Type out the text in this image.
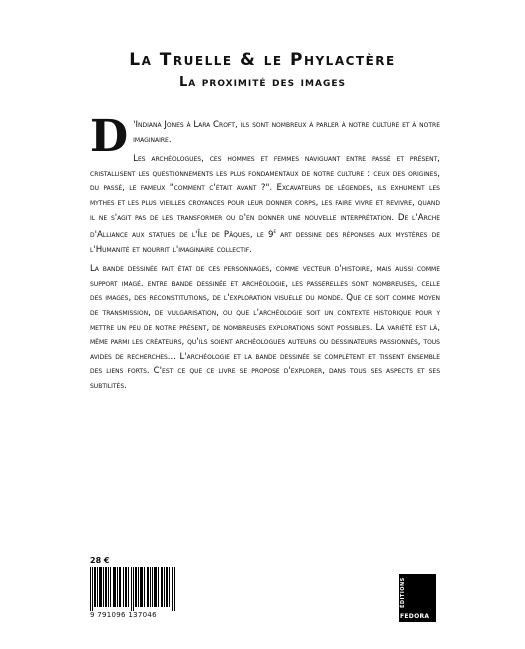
La Truelle & le Phylactère
La proximité des images

D 'Indiana Jones à Lara Croft, ils sont nombreux à parler à notre culture et à notre imaginaire.

Les archéologues, ces hommes et femmes naviguant entre passé et présent, cristallisent les questionnements les plus fondamentaux de notre culture : ceux des origines, du passé, le fameux "comment c'était avant ?". Excavateurs de légendes, ils exhument les mythes et les plus vieilles croyances pour leur donner corps, les faire vivre et revivre, quand il ne s'agit pas de les transformer ou d'en donner une nouvelle interprétation. De l'Arche d'Alliance aux statues de l'Île de Pâques, le 9e art dessine des réponses aux mystères de l'Humanité et nourrit l'imaginaire collectif.

La bande dessinée fait état de ces personnages, comme vecteur d'histoire, mais aussi comme support imagé. entre bande dessinée et archéologie, les passerelles sont nombreuses, celle des images, des reconstitutions, de l'exploration visuelle du monde. Que ce soit comme moyen de transmission, de vulgarisation, ou que l'archéologie soit un contexte historique pour y mettre un peu de notre présent, de nombreuses explorations sont possibles. La variété est là, même parmi les créateurs, qu'ils soient archéologues auteurs ou dessinateurs passionnés, tous avides de recherches... L'archéologie et la bande dessinée se complètent et tissent ensemble des liens forts. C'est ce que ce livre se propose d'explorer, dans tous ses aspects et ses subtilités.

28 €
9 791096 137046
ÉDITIONS
FEDORA
